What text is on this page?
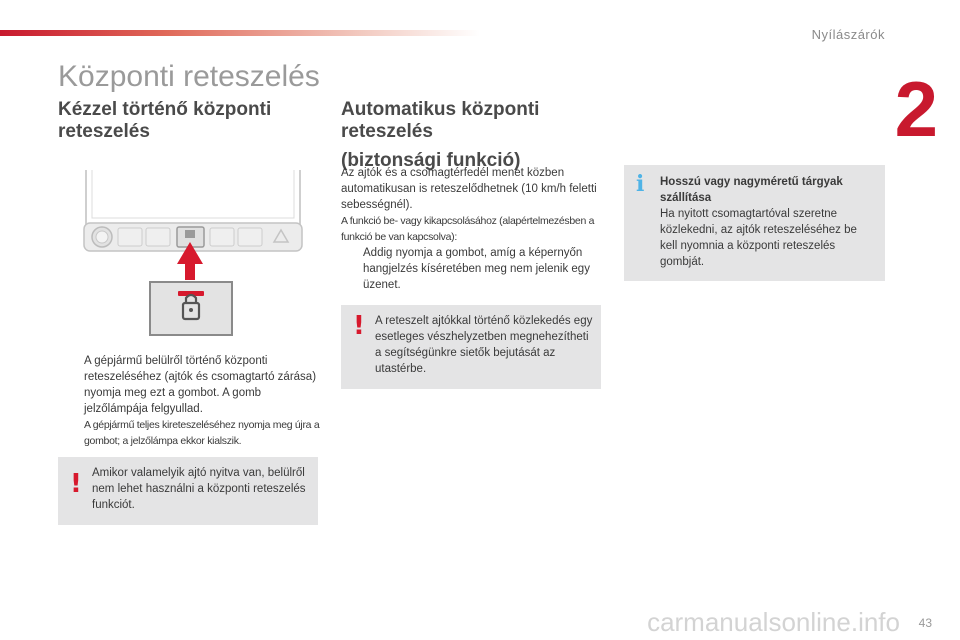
Nyílászárók
2
Központi reteszelés
Kézzel történő központi
reteszelés

A gépjármű belülről történő központi reteszeléséhez (ajtók és csomagtartó zárása) nyomja meg ezt a gombot. A gomb jelzőlámpája felgyullad.

A gépjármű teljes kireteszeléséhez nyomja meg újra a gombot; a jelzőlámpa ekkor kialszik.

! Amikor valamelyik ajtó nyitva van, belülről nem lehet használni a központi reteszelés funkciót.

Automatikus központi
reteszelés
(biztonsági funkció)

Az ajtók és a csomagtérfedél menet közben automatikusan is reteszelődhetnek (10 km/h feletti sebességnél).

A funkció be- vagy kikapcsolásához (alapértelmezésben a funkció be van kapcsolva):

Addig nyomja a gombot, amíg a képernyőn hangjelzés kíséretében meg nem jelenik egy üzenet.

! A reteszelt ajtókkal történő közlekedés egy esetleges vészhelyzetben megnehezítheti a segítségünkre sietők bejutását az utastérbe.

i Hosszú vagy nagyméretű tárgyak szállítása

Ha nyitott csomagtartóval szeretne közlekedni, az ajtók reteszeléséhez be kell nyomnia a központi reteszelés gombját.

carmanualsonline.info 43
